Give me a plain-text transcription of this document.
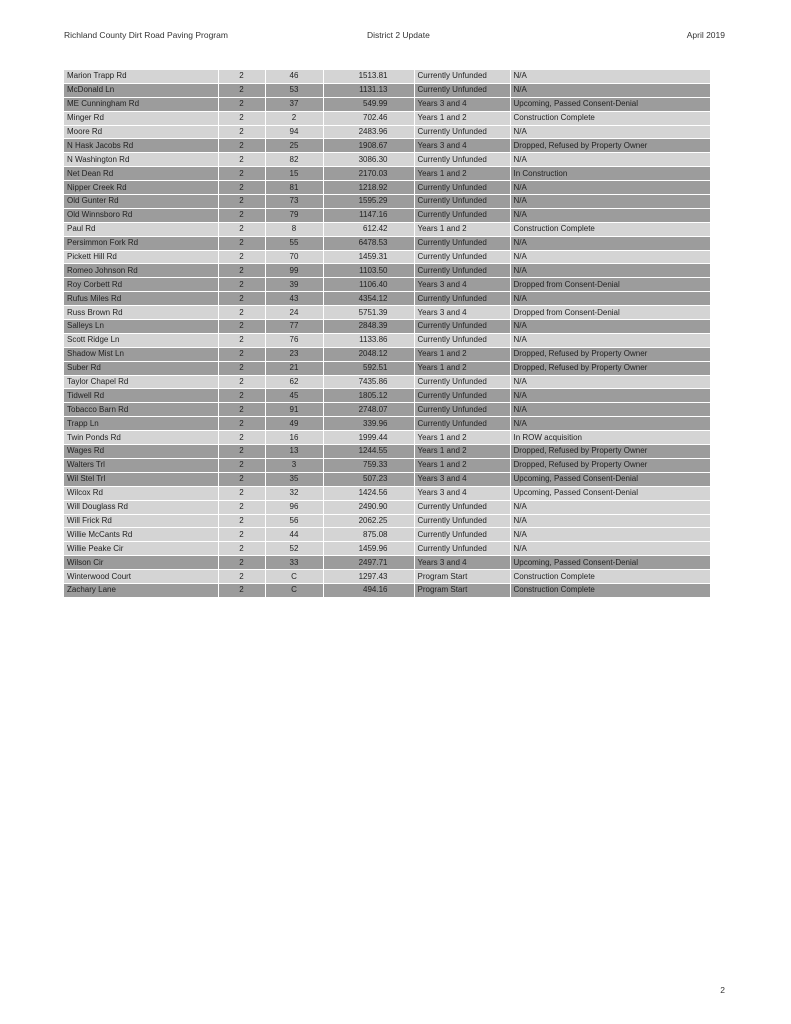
Richland County Dirt Road Paving Program	District 2 Update	April 2019
Marion Trapp Rd	2	46	1513.81	Currently Unfunded	N/A
McDonald Ln	2	53	1131.13	Currently Unfunded	N/A
ME Cunningham Rd	2	37	549.99	Years 3 and 4	Upcoming, Passed Consent-Denial
Minger Rd	2	2	702.46	Years 1 and 2	Construction Complete
Moore Rd	2	94	2483.96	Currently Unfunded	N/A
N Hask Jacobs Rd	2	25	1908.67	Years 3 and 4	Dropped, Refused by Property Owner
N Washington Rd	2	82	3086.30	Currently Unfunded	N/A
Net Dean Rd	2	15	2170.03	Years 1 and 2	In Construction
Nipper Creek Rd	2	81	1218.92	Currently Unfunded	N/A
Old Gunter Rd	2	73	1595.29	Currently Unfunded	N/A
Old Winnsboro Rd	2	79	1147.16	Currently Unfunded	N/A
Paul Rd	2	8	612.42	Years 1 and 2	Construction Complete
Persimmon Fork Rd	2	55	6478.53	Currently Unfunded	N/A
Pickett Hill Rd	2	70	1459.31	Currently Unfunded	N/A
Romeo Johnson Rd	2	99	1103.50	Currently Unfunded	N/A
Roy Corbett Rd	2	39	1106.40	Years 3 and 4	Dropped from Consent-Denial
Rufus Miles Rd	2	43	4354.12	Currently Unfunded	N/A
Russ Brown Rd	2	24	5751.39	Years 3 and 4	Dropped from Consent-Denial
Salleys Ln	2	77	2848.39	Currently Unfunded	N/A
Scott Ridge Ln	2	76	1133.86	Currently Unfunded	N/A
Shadow Mist Ln	2	23	2048.12	Years 1 and 2	Dropped, Refused by Property Owner
Suber Rd	2	21	592.51	Years 1 and 2	Dropped, Refused by Property Owner
Taylor Chapel Rd	2	62	7435.86	Currently Unfunded	N/A
Tidwell Rd	2	45	1805.12	Currently Unfunded	N/A
Tobacco Barn Rd	2	91	2748.07	Currently Unfunded	N/A
Trapp Ln	2	49	339.96	Currently Unfunded	N/A
Twin Ponds Rd	2	16	1999.44	Years 1 and 2	In ROW acquisition
Wages Rd	2	13	1244.55	Years 1 and 2	Dropped, Refused by Property Owner
Walters Trl	2	3	759.33	Years 1 and 2	Dropped, Refused by Property Owner
Wil Stel Trl	2	35	507.23	Years 3 and 4	Upcoming, Passed Consent-Denial
Wilcox Rd	2	32	1424.56	Years 3 and 4	Upcoming, Passed Consent-Denial
Will Douglass Rd	2	96	2490.90	Currently Unfunded	N/A
Will Frick Rd	2	56	2062.25	Currently Unfunded	N/A
Willie McCants Rd	2	44	875.08	Currently Unfunded	N/A
Willie Peake Cir	2	52	1459.96	Currently Unfunded	N/A
Wilson Cir	2	33	2497.71	Years 3 and 4	Upcoming, Passed Consent-Denial
Winterwood Court	2	C	1297.43	Program Start	Construction Complete
Zachary Lane	2	C	494.16	Program Start	Construction Complete
2
